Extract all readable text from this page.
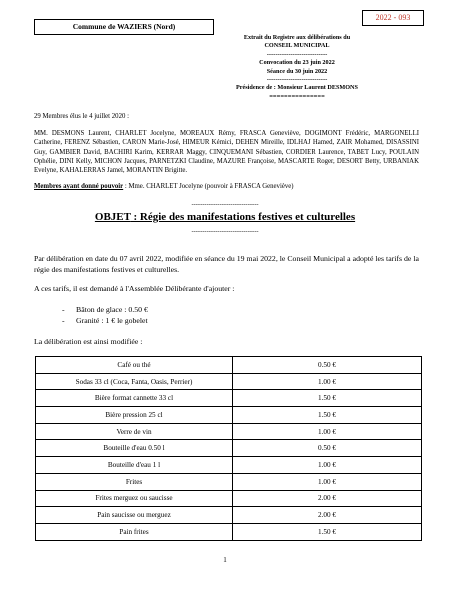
Commune de WAZIERS (Nord)
2022 - 093
Extrait du Registre aux délibérations du
CONSEIL MUNICIPAL
----------------------------
Convocation du 23 juin 2022
Séance du 30 juin 2022
----------------------------
Présidence de : Monsieur Laurent DESMONS
===============
29 Membres élus le 4 juillet 2020 :
MM. DESMONS Laurent, CHARLET Jocelyne, MOREAUX Rémy, FRASCA Geneviève, DOGIMONT Frédéric, MARGONELLI Catherine, FERENZ Sébastien, CARON Marie-José, HIMEUR Kémici, DEHEN Mireille, IDLHAJ Hamed, ZAIR Mohamed, DISASSINI Guy, GAMBIER David, BACHIRI Karim, KERRAR Maggy, CINQUEMANI Sébastien, CORDIER Laurence, TABET Lucy, POULAIN Ophélie, DINI Kelly, MICHON Jacques, PARNETZKI Claudine, MAZURE Françoise, MASCARTE Roger, DESORT Betty, URBANIAK Evelyne, KAHALERRAS Jamel, MORANTIN Brigitte.
Membres ayant donné pouvoir : Mme. CHARLET Jocelyne (pouvoir à FRASCA Geneviève)
-------------------------------
OBJET : Régie des manifestations festives et culturelles
-------------------------------
Par délibération en date du 07 avril 2022, modifiée en séance du 19 mai 2022, le Conseil Municipal a adopté les tarifs de la régie des manifestations festives et culturelles.
A ces tarifs, il est demandé à l'Assemblée Délibérante d'ajouter :
- Bâton de glace : 0.50 €
- Granité : 1 € le gobelet
La délibération est ainsi modifiée :
Café ou thé	0.50 €
Sodas 33 cl (Coca, Fanta, Oasis, Perrier)	1.00 €
Bière format cannette 33 cl	1.50 €
Bière pression 25 cl	1.50 €
Verre de vin	1.00 €
Bouteille d'eau 0.50 l	0.50 €
Bouteille d'eau 1 l	1.00 €
Frites	1.00 €
Frites merguez ou saucisse	2.00 €
Pain saucisse ou merguez	2.00 €
Pain frites	1.50 €
1
